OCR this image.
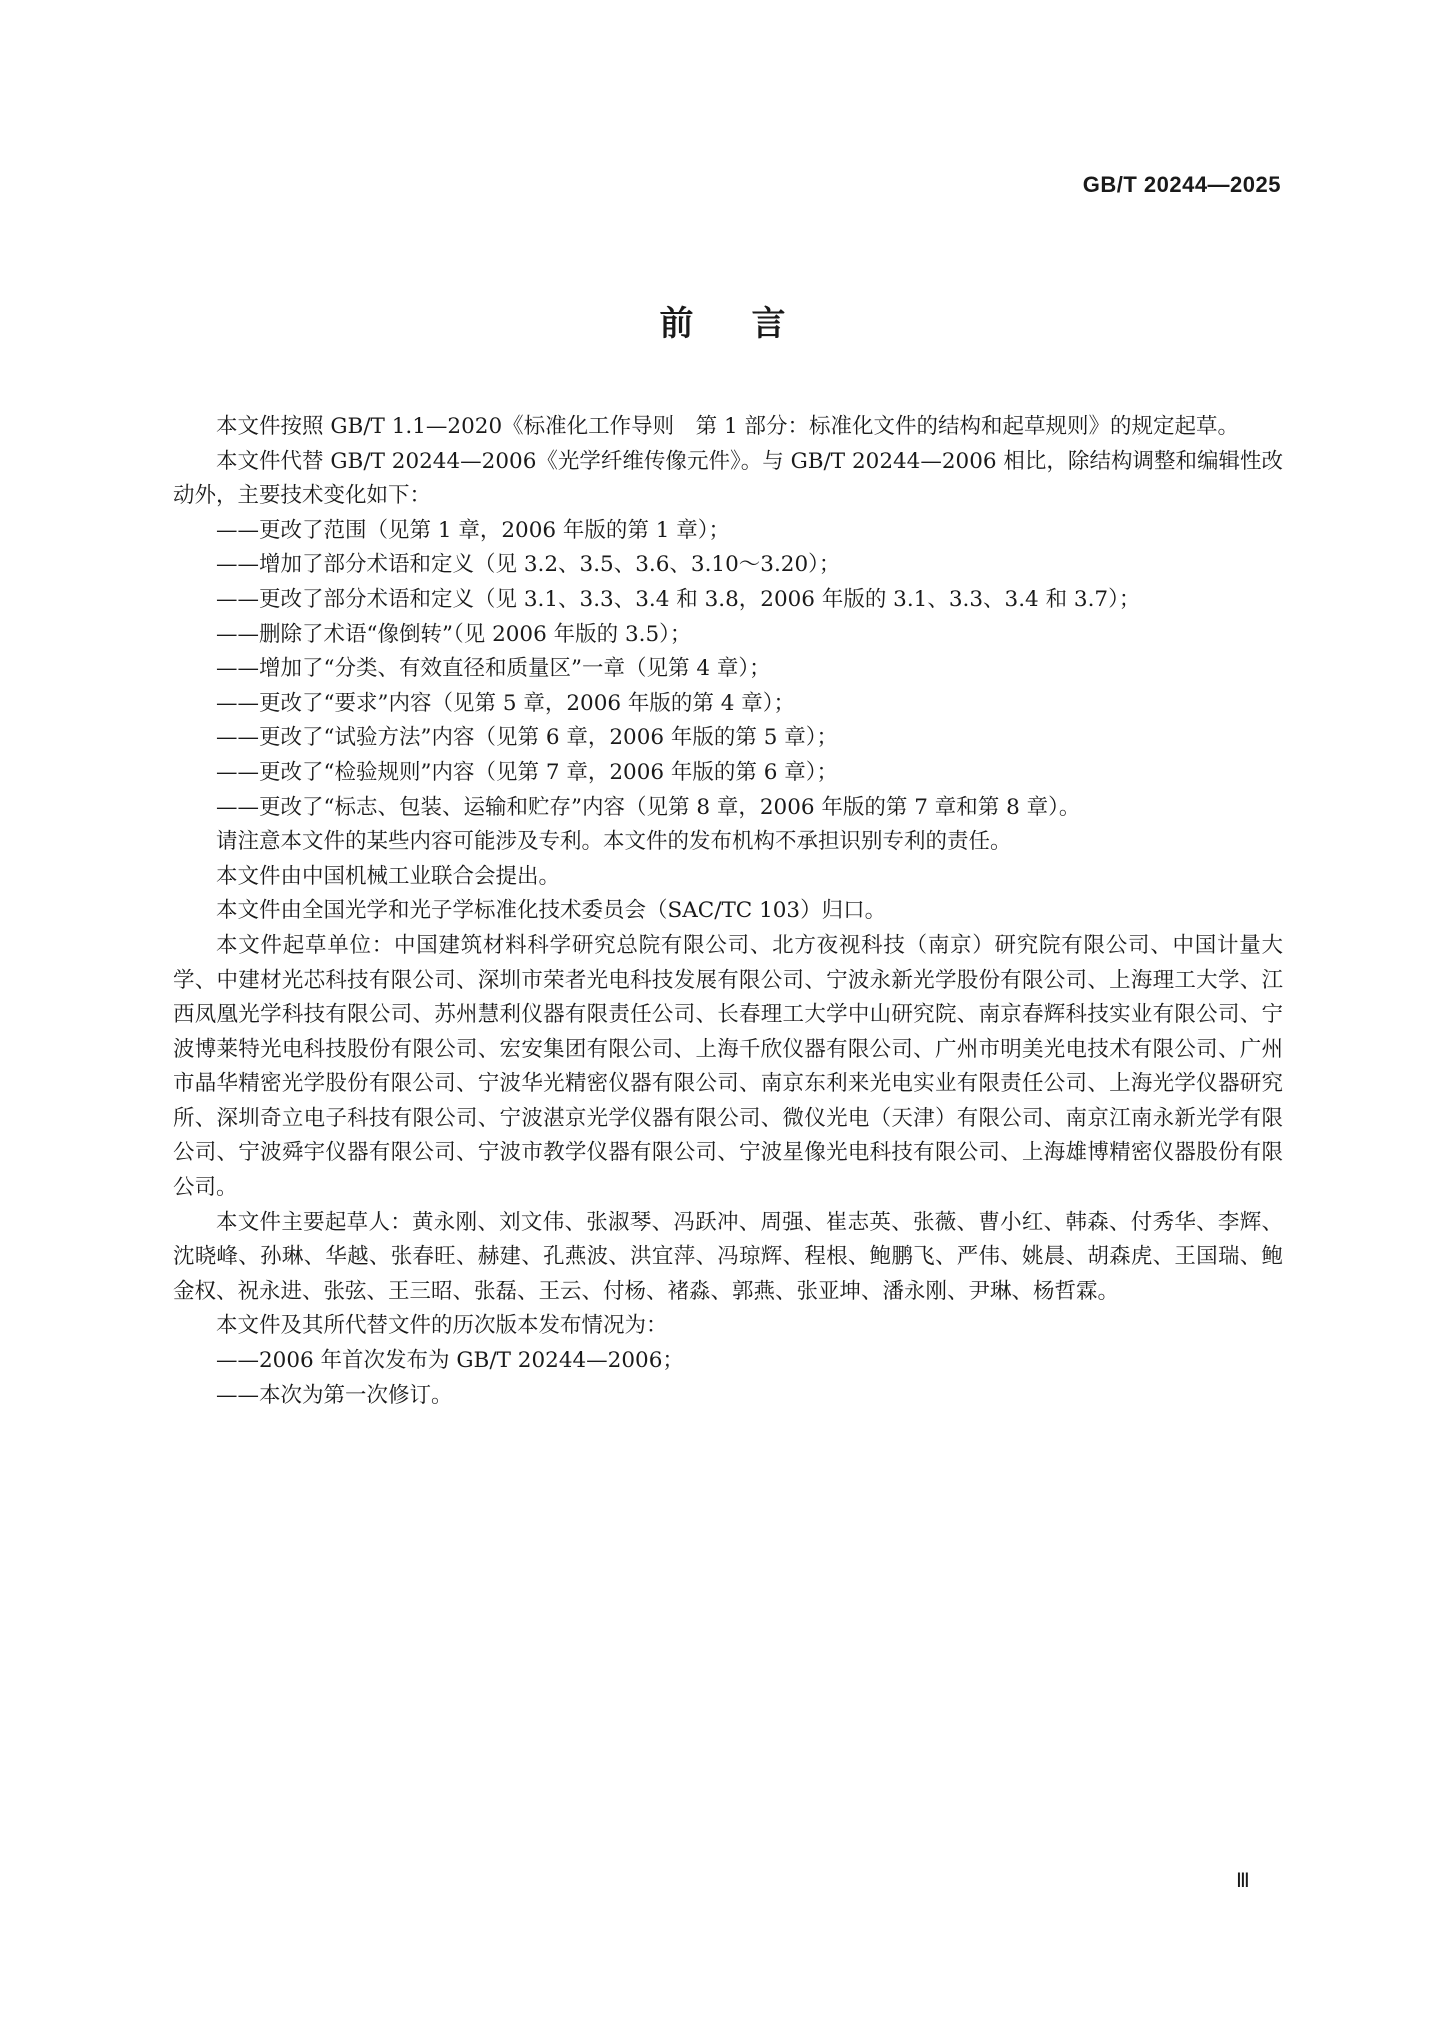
GB/T 20244—2025
前言

本文件按照 GB/T 1.1—2020《标准化工作导则　第 1 部分：标准化文件的结构和起草规则》的规定起草。

本文件代替 GB/T 20244—2006《光学纤维传像元件》。与 GB/T 20244—2006 相比，除结构调整和编辑性改动外，主要技术变化如下：

——更改了范围（见第 1 章，2006 年版的第 1 章）；

——增加了部分术语和定义（见 3.2、3.5、3.6、3.10～3.20）；

——更改了部分术语和定义（见 3.1、3.3、3.4 和 3.8，2006 年版的 3.1、3.3、3.4 和 3.7）；

——删除了术语“像倒转”（见 2006 年版的 3.5）；

——增加了“分类、有效直径和质量区”一章（见第 4 章）；

——更改了“要求”内容（见第 5 章，2006 年版的第 4 章）；

——更改了“试验方法”内容（见第 6 章，2006 年版的第 5 章）；

——更改了“检验规则”内容（见第 7 章，2006 年版的第 6 章）；

——更改了“标志、包装、运输和贮存”内容（见第 8 章，2006 年版的第 7 章和第 8 章）。

请注意本文件的某些内容可能涉及专利。本文件的发布机构不承担识别专利的责任。

本文件由中国机械工业联合会提出。

本文件由全国光学和光子学标准化技术委员会（SAC/TC 103）归口。

本文件起草单位：中国建筑材料科学研究总院有限公司、北方夜视科技（南京）研究院有限公司、中国计量大学、中建材光芯科技有限公司、深圳市荣者光电科技发展有限公司、宁波永新光学股份有限公司、上海理工大学、江西凤凰光学科技有限公司、苏州慧利仪器有限责任公司、长春理工大学中山研究院、南京春辉科技实业有限公司、宁波博莱特光电科技股份有限公司、宏安集团有限公司、上海千欣仪器有限公司、广州市明美光电技术有限公司、广州市晶华精密光学股份有限公司、宁波华光精密仪器有限公司、南京东利来光电实业有限责任公司、上海光学仪器研究所、深圳奇立电子科技有限公司、宁波湛京光学仪器有限公司、微仪光电（天津）有限公司、南京江南永新光学有限公司、宁波舜宇仪器有限公司、宁波市教学仪器有限公司、宁波星像光电科技有限公司、上海雄博精密仪器股份有限公司。

本文件主要起草人：黄永刚、刘文伟、张淑琴、冯跃冲、周强、崔志英、张薇、曹小红、韩森、付秀华、李辉、沈晓峰、孙琳、华越、张春旺、赫建、孔燕波、洪宜萍、冯琼辉、程根、鲍鹏飞、严伟、姚晨、胡森虎、王国瑞、鲍金权、祝永进、张弦、王三昭、张磊、王云、付杨、褚淼、郭燕、张亚坤、潘永刚、尹琳、杨哲霖。

本文件及其所代替文件的历次版本发布情况为：

——2006 年首次发布为 GB/T 20244—2006；

——本次为第一次修订。

Ⅲ
